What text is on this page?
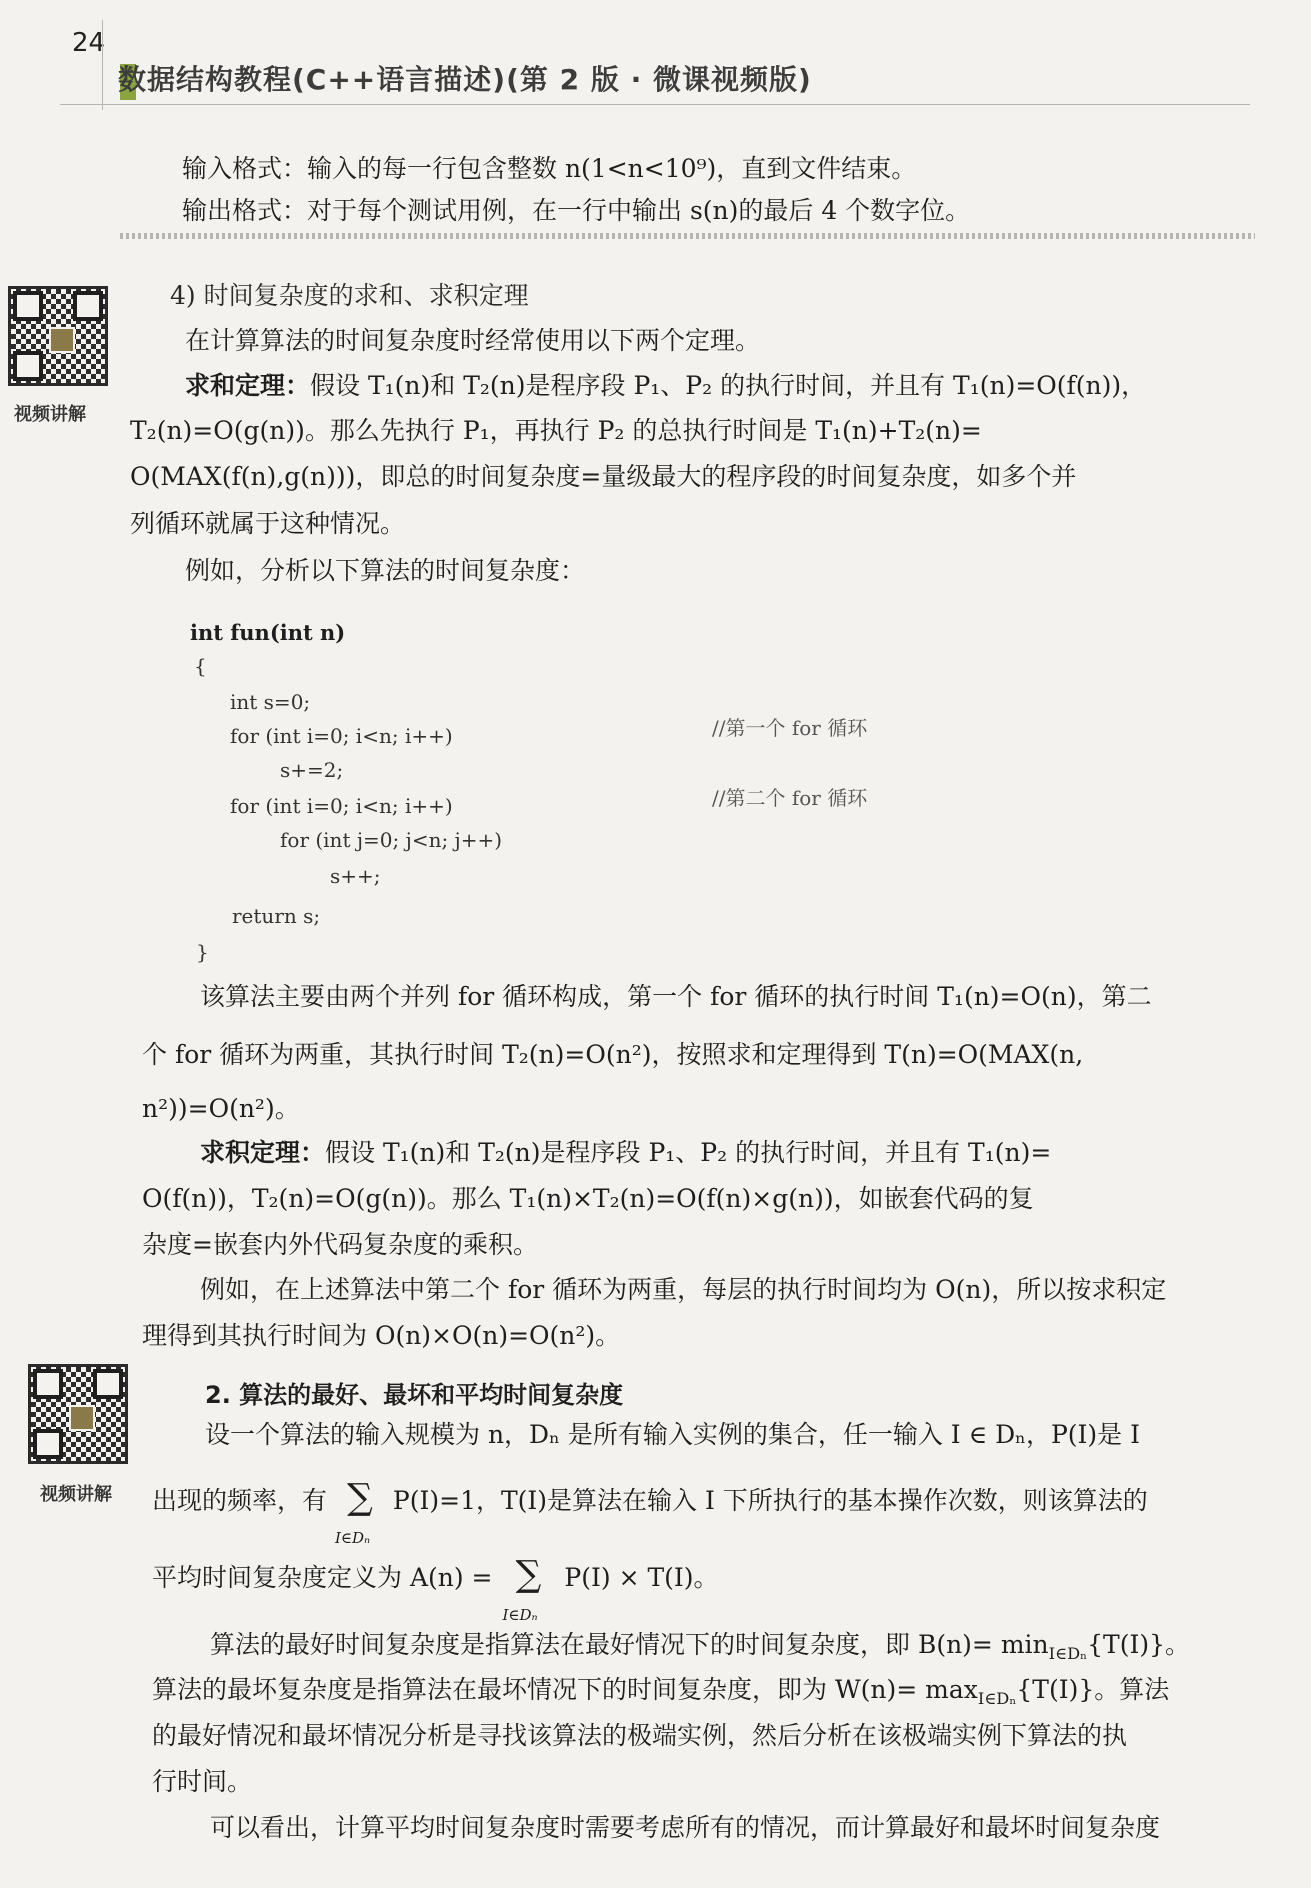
24
数据结构教程(C++语言描述)(第 2 版 · 微课视频版)
输入格式：输入的每一行包含整数 n(1<n<10⁹)，直到文件结束。
输出格式：对于每个测试用例，在一行中输出 s(n)的最后 4 个数字位。
视频讲解
4) 时间复杂度的求和、求积定理
在计算算法的时间复杂度时经常使用以下两个定理。
求和定理：假设 T₁(n)和 T₂(n)是程序段 P₁、P₂ 的执行时间，并且有 T₁(n)=O(f(n))，
T₂(n)=O(g(n))。那么先执行 P₁，再执行 P₂ 的总执行时间是 T₁(n)+T₂(n)=
O(MAX(f(n),g(n)))，即总的时间复杂度=量级最大的程序段的时间复杂度，如多个并
列循环就属于这种情况。
例如，分析以下算法的时间复杂度：
int fun(int n)
{
int s=0;
for (int i=0; i<n; i++)	//第一个 for 循环
s+=2;
for (int i=0; i<n; i++)	//第二个 for 循环
for (int j=0; j<n; j++)
s++;
return s;
}
该算法主要由两个并列 for 循环构成，第一个 for 循环的执行时间 T₁(n)=O(n)，第二
个 for 循环为两重，其执行时间 T₂(n)=O(n²)，按照求和定理得到 T(n)=O(MAX(n,
n²))=O(n²)。
求积定理：假设 T₁(n)和 T₂(n)是程序段 P₁、P₂ 的执行时间，并且有 T₁(n)=
O(f(n))，T₂(n)=O(g(n))。那么 T₁(n)×T₂(n)=O(f(n)×g(n))，如嵌套代码的复
杂度=嵌套内外代码复杂度的乘积。
例如，在上述算法中第二个 for 循环为两重，每层的执行时间均为 O(n)，所以按求积定
理得到其执行时间为 O(n)×O(n)=O(n²)。
视频讲解
2. 算法的最好、最坏和平均时间复杂度
设一个算法的输入规模为 n，Dₙ 是所有输入实例的集合，任一输入 I ∈ Dₙ，P(I)是 I
出现的频率，有 ∑
I∈Dₙ
P(I)=1，T(I)是算法在输入 I 下所执行的基本操作次数，则该算法的
平均时间复杂度定义为 A(n) = ∑
I∈Dₙ
P(I) × T(I)。
算法的最好时间复杂度是指算法在最好情况下的时间复杂度，即 $B(n)= \min_{I\in D_n}\{T(I)\}$。
算法的最坏复杂度是指算法在最坏情况下的时间复杂度，即为 $W(n)= \max_{I\in D_n}\{T(I)\}$。算法
的最好情况和最坏情况分析是寻找该算法的极端实例，然后分析在该极端实例下算法的执
行时间。
可以看出，计算平均时间复杂度时需要考虑所有的情况，而计算最好和最坏时间复杂度
